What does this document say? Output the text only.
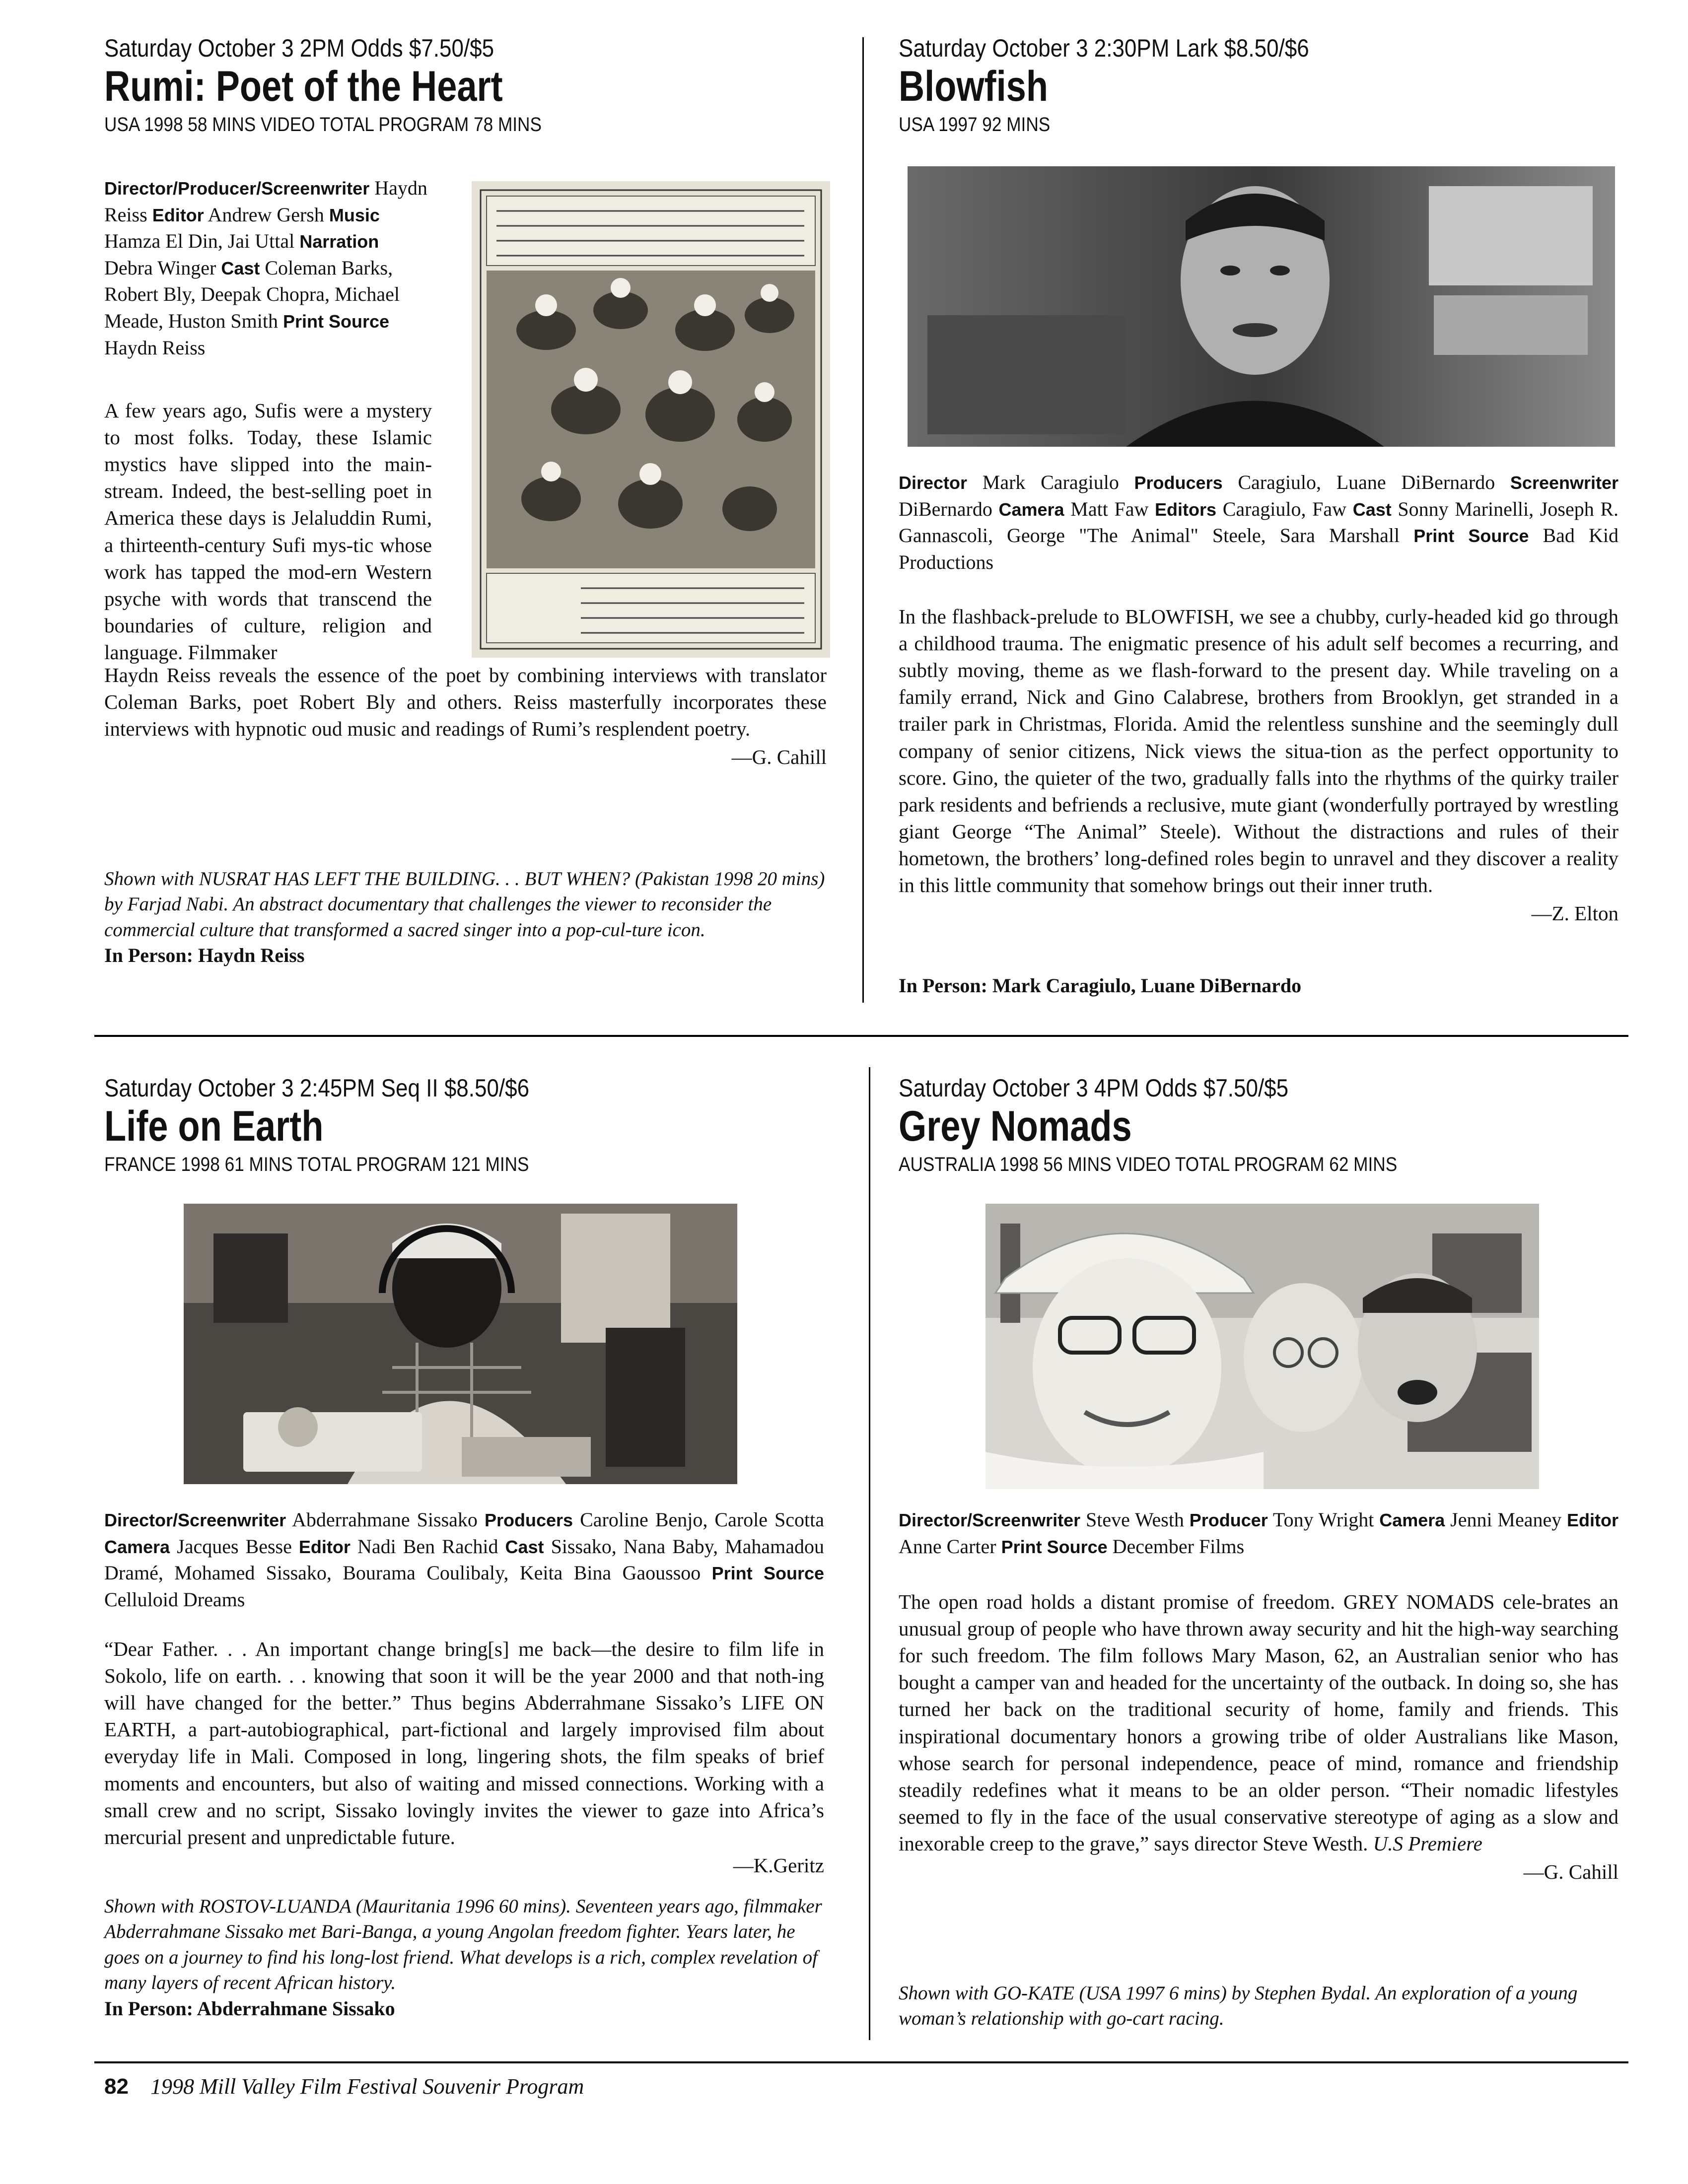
Saturday October 3 2PM Odds $7.50/$5

Rumi: Poet of the Heart

USA 1998 58 MINS VIDEO TOTAL PROGRAM 78 MINS

Director/Producer/Screenwriter Haydn Reiss Editor Andrew Gersh Music Hamza El Din, Jai Uttal Narration Debra Winger Cast Coleman Barks, Robert Bly, Deepak Chopra, Michael Meade, Huston Smith Print Source Haydn Reiss

A few years ago, Sufis were a mystery to most folks. Today, these Islamic mystics have slipped into the main-stream. Indeed, the best-selling poet in America these days is Jelaluddin Rumi, a thirteenth-century Sufi mys-tic whose work has tapped the mod-ern Western psyche with words that transcend the boundaries of culture, religion and language. Filmmaker

Haydn Reiss reveals the essence of the poet by combining interviews with translator Coleman Barks, poet Robert Bly and others. Reiss masterfully incorporates these interviews with hypnotic oud music and readings of Rumi’s resplendent poetry.

—G. Cahill

Shown with NUSRAT HAS LEFT THE BUILDING. . . BUT WHEN? (Pakistan 1998 20 mins) by Farjad Nabi. An abstract documentary that challenges the viewer to reconsider the commercial culture that transformed a sacred singer into a pop-cul-ture icon.

In Person: Haydn Reiss

Saturday October 3 2:30PM Lark $8.50/$6

Blowfish

USA 1997 92 MINS

Director Mark Caragiulo Producers Caragiulo, Luane DiBernardo Screenwriter DiBernardo Camera Matt Faw Editors Caragiulo, Faw Cast Sonny Marinelli, Joseph R. Gannascoli, George "The Animal" Steele, Sara Marshall Print Source Bad Kid Productions

In the flashback-prelude to BLOWFISH, we see a chubby, curly-headed kid go through a childhood trauma. The enigmatic presence of his adult self becomes a recurring, and subtly moving, theme as we flash-forward to the present day. While traveling on a family errand, Nick and Gino Calabrese, brothers from Brooklyn, get stranded in a trailer park in Christmas, Florida. Amid the relentless sunshine and the seemingly dull company of senior citizens, Nick views the situa-tion as the perfect opportunity to score. Gino, the quieter of the two, gradually falls into the rhythms of the quirky trailer park residents and befriends a reclusive, mute giant (wonderfully portrayed by wrestling giant George “The Animal” Steele). Without the distractions and rules of their hometown, the brothers’ long-defined roles begin to unravel and they discover a reality in this little community that somehow brings out their inner truth.

—Z. Elton

In Person: Mark Caragiulo, Luane DiBernardo

Saturday October 3 2:45PM Seq II $8.50/$6

Life on Earth

FRANCE 1998 61 MINS TOTAL PROGRAM 121 MINS

Director/Screenwriter Abderrahmane Sissako Producers Caroline Benjo, Carole Scotta Camera Jacques Besse Editor Nadi Ben Rachid Cast Sissako, Nana Baby, Mahamadou Dramé, Mohamed Sissako, Bourama Coulibaly, Keita Bina Gaoussoo Print Source Celluloid Dreams

“Dear Father. . . An important change bring[s] me back—the desire to film life in Sokolo, life on earth. . . knowing that soon it will be the year 2000 and that noth-ing will have changed for the better.” Thus begins Abderrahmane Sissako’s LIFE ON EARTH, a part-autobiographical, part-fictional and largely improvised film about everyday life in Mali. Composed in long, lingering shots, the film speaks of brief moments and encounters, but also of waiting and missed connections. Working with a small crew and no script, Sissako lovingly invites the viewer to gaze into Africa’s mercurial present and unpredictable future.

—K.Geritz

Shown with ROSTOV-LUANDA (Mauritania 1996 60 mins). Seventeen years ago, filmmaker Abderrahmane Sissako met Bari-Banga, a young Angolan freedom fighter. Years later, he goes on a journey to find his long-lost friend. What develops is a rich, complex revelation of many layers of recent African history.

In Person: Abderrahmane Sissako

Saturday October 3 4PM Odds $7.50/$5

Grey Nomads

AUSTRALIA 1998 56 MINS VIDEO TOTAL PROGRAM 62 MINS

Director/Screenwriter Steve Westh Producer Tony Wright Camera Jenni Meaney Editor Anne Carter Print Source December Films

The open road holds a distant promise of freedom. GREY NOMADS cele-brates an unusual group of people who have thrown away security and hit the high-way searching for such freedom. The film follows Mary Mason, 62, an Australian senior who has bought a camper van and headed for the uncertainty of the outback. In doing so, she has turned her back on the traditional security of home, family and friends. This inspirational documentary honors a growing tribe of older Australians like Mason, whose search for personal independence, peace of mind, romance and friendship steadily redefines what it means to be an older person. “Their nomadic lifestyles seemed to fly in the face of the usual conservative stereotype of aging as a slow and inexorable creep to the grave,” says director Steve Westh. U.S Premiere

—G. Cahill

Shown with GO-KATE (USA 1997 6 mins) by Stephen Bydal. An exploration of a young woman’s relationship with go-cart racing.

82 1998 Mill Valley Film Festival Souvenir Program
